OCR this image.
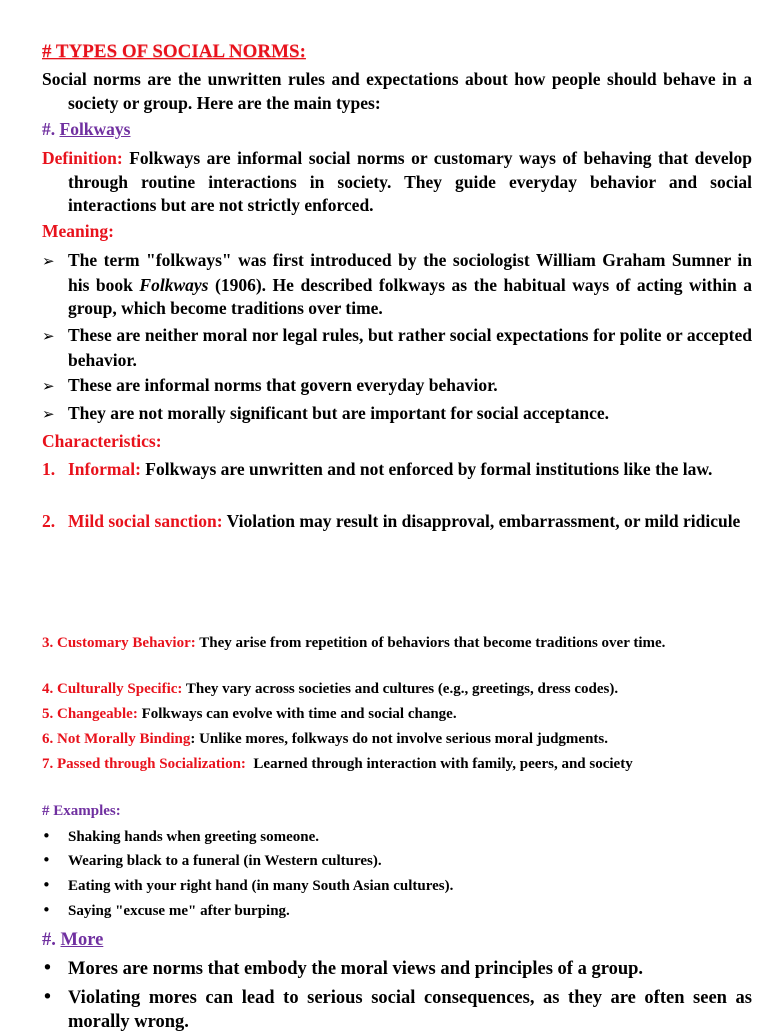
# TYPES OF SOCIAL NORMS:

Social norms are the unwritten rules and expectations about how people should behave in a society or group. Here are the main types:

#. Folkways

Definition: Folkways are informal social norms or customary ways of behaving that develop through routine interactions in society. They guide everyday behavior and social interactions but are not strictly enforced.

Meaning:

➢ The term "folkways" was first introduced by the sociologist William Graham Sumner in his book Folkways (1906). He described folkways as the habitual ways of acting within a group, which become traditions over time.

➢ These are neither moral nor legal rules, but rather social expectations for polite or accepted behavior.

➢ These are informal norms that govern everyday behavior.

➢ They are not morally significant but are important for social acceptance.

Characteristics:

1. Informal: Folkways are unwritten and not enforced by formal institutions like the law.

2. Mild social sanction: Violation may result in disapproval, embarrassment, or mild ridicule

3. Customary Behavior: They arise from repetition of behaviors that become traditions over time.

4. Culturally Specific: They vary across societies and cultures (e.g., greetings, dress codes).

5. Changeable: Folkways can evolve with time and social change.

6. Not Morally Binding: Unlike mores, folkways do not involve serious moral judgments.

7. Passed through Socialization:  Learned through interaction with family, peers, and society

# Examples:

• Shaking hands when greeting someone.

• Wearing black to a funeral (in Western cultures).

• Eating with your right hand (in many South Asian cultures).

• Saying "excuse me" after burping.

#. More

• Mores are norms that embody the moral views and principles of a group.

• Violating mores can lead to serious social consequences, as they are often seen as morally wrong.
